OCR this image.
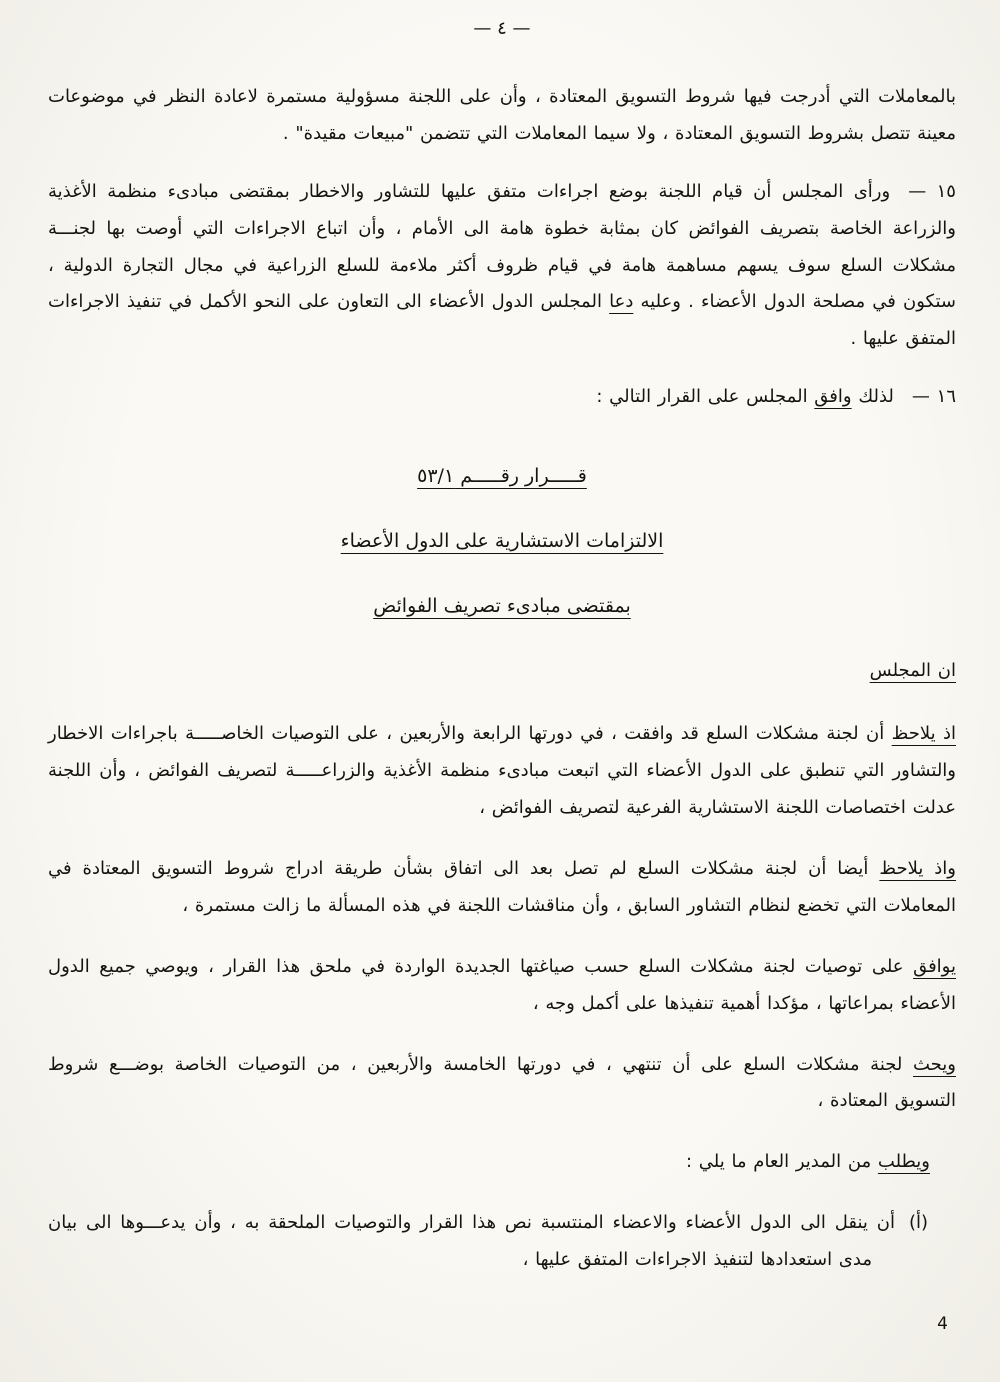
— ٤ —

بالمعاملات التي أدرجت فيها شروط التسويق المعتادة ، وأن على اللجنة مسؤولية مستمرة لاعادة النظر في موضوعات معينة تتصل بشروط التسويق المعتادة ، ولا سيما المعاملات التي تتضمن "مبيعات مقيدة" .

١٥ —ورأى المجلس أن قيام اللجنة بوضع اجراءات متفق عليها للتشاور والاخطار بمقتضى مبادىء منظمة الأغذية والزراعة الخاصة بتصريف الفوائض كان بمثابة خطوة هامة الى الأمام ، وأن اتباع الاجراءات التي أوصت بها لجنـــة مشكلات السلع سوف يسهم مساهمة هامة في قيام ظروف أكثر ملاءمة للسلع الزراعية في مجال التجارة الدولية ، ستكون في مصلحة الدول الأعضاء . وعليه دعا المجلس الدول الأعضاء الى التعاون على النحو الأكمل في تنفيذ الاجراءات المتفق عليها .

١٦ —لذلك وافق المجلس على القرار التالي :

قـــــرار رقـــــم ٥٣/١
الالتزامات الاستشارية على الدول الأعضاء
بمقتضى مبادىء تصريف الفوائض

ان المجلس

اذ يلاحظ أن لجنة مشكلات السلع قد وافقت ، في دورتها الرابعة والأربعين ، على التوصيات الخاصـــــة باجراءات الاخطار والتشاور التي تنطبق على الدول الأعضاء التي اتبعت مبادىء منظمة الأغذية والزراعـــــة لتصريف الفوائض ، وأن اللجنة عدلت اختصاصات اللجنة الاستشارية الفرعية لتصريف الفوائض ،

واذ يلاحظ أيضا أن لجنة مشكلات السلع لم تصل بعد الى اتفاق بشأن طريقة ادراج شروط التسويق المعتادة في المعاملات التي تخضع لنظام التشاور السابق ، وأن مناقشات اللجنة في هذه المسألة ما زالت مستمرة ،

يوافق على توصيات لجنة مشكلات السلع حسب صياغتها الجديدة الواردة في ملحق هذا القرار ، ويوصي جميع الدول الأعضاء بمراعاتها ، مؤكدا أهمية تنفيذها على أكمل وجه ،

ويحث لجنة مشكلات السلع على أن تنتهي ، في دورتها الخامسة والأربعين ، من التوصيات الخاصة بوضـــع شروط التسويق المعتادة ،

ويطلب من المدير العام ما يلي :

(أ)أن ينقل الى الدول الأعضاء والاعضاء المنتسبة نص هذا القرار والتوصيات الملحقة به ، وأن يدعـــوها الى بيان مدى استعدادها لتنفيذ الاجراءات المتفق عليها ،

4
